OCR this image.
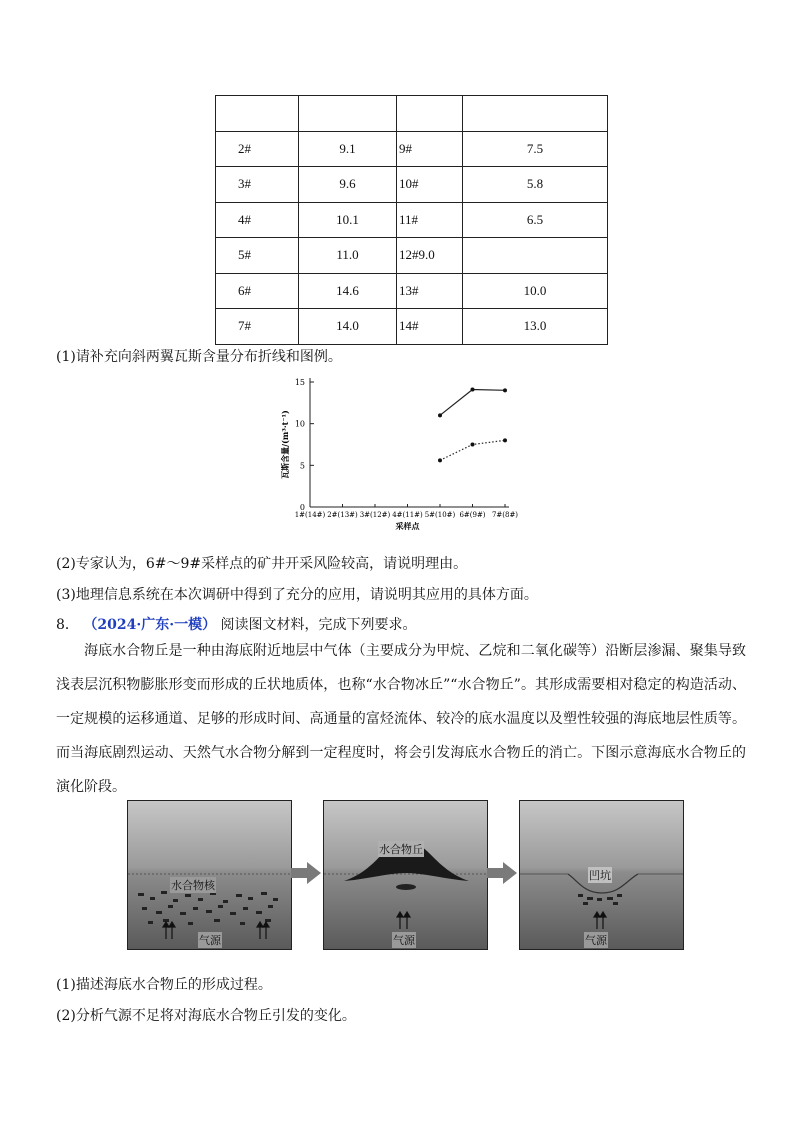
2#	9.1	9#	7.5
3#	9.6	10#	5.8
4#	10.1	11#	6.5
5#	11.0	12#9.0	
6#	14.6	13#	10.0
7#	14.0	14#	13.0
(1)请补充向斜两翼瓦斯含量分布折线和图例。
0
5
10
15
1#(14#) 2#(13#) 3#(12#) 4#(11#) 5#(10#) 6#(9#) 7#(8#)
采样点
瓦斯含量/(m³·t⁻¹)
(2)专家认为，6#～9#采样点的矿井开采风险较高，请说明理由。
(3)地理信息系统在本次调研中得到了充分的应用，请说明其应用的具体方面。
8． （2024·广东·一模） 阅读图文材料，完成下列要求。
海底水合物丘是一种由海底附近地层中气体（主要成分为甲烷、乙烷和二氧化碳等）沿断层渗漏、聚集导致浅表层沉积物膨胀形变而形成的丘状地质体，也称“水合物冰丘”“水合物丘”。其形成需要相对稳定的构造活动、一定规模的运移通道、足够的形成时间、高通量的富烃流体、较冷的底水温度以及塑性较强的海底地层性质等。而当海底剧烈运动、天然气水合物分解到一定程度时，将会引发海底水合物丘的消亡。下图示意海底水合物丘的演化阶段。
水合物核
气源
水合物丘
气源
凹坑
气源
(1)描述海底水合物丘的形成过程。
(2)分析气源不足将对海底水合物丘引发的变化。
